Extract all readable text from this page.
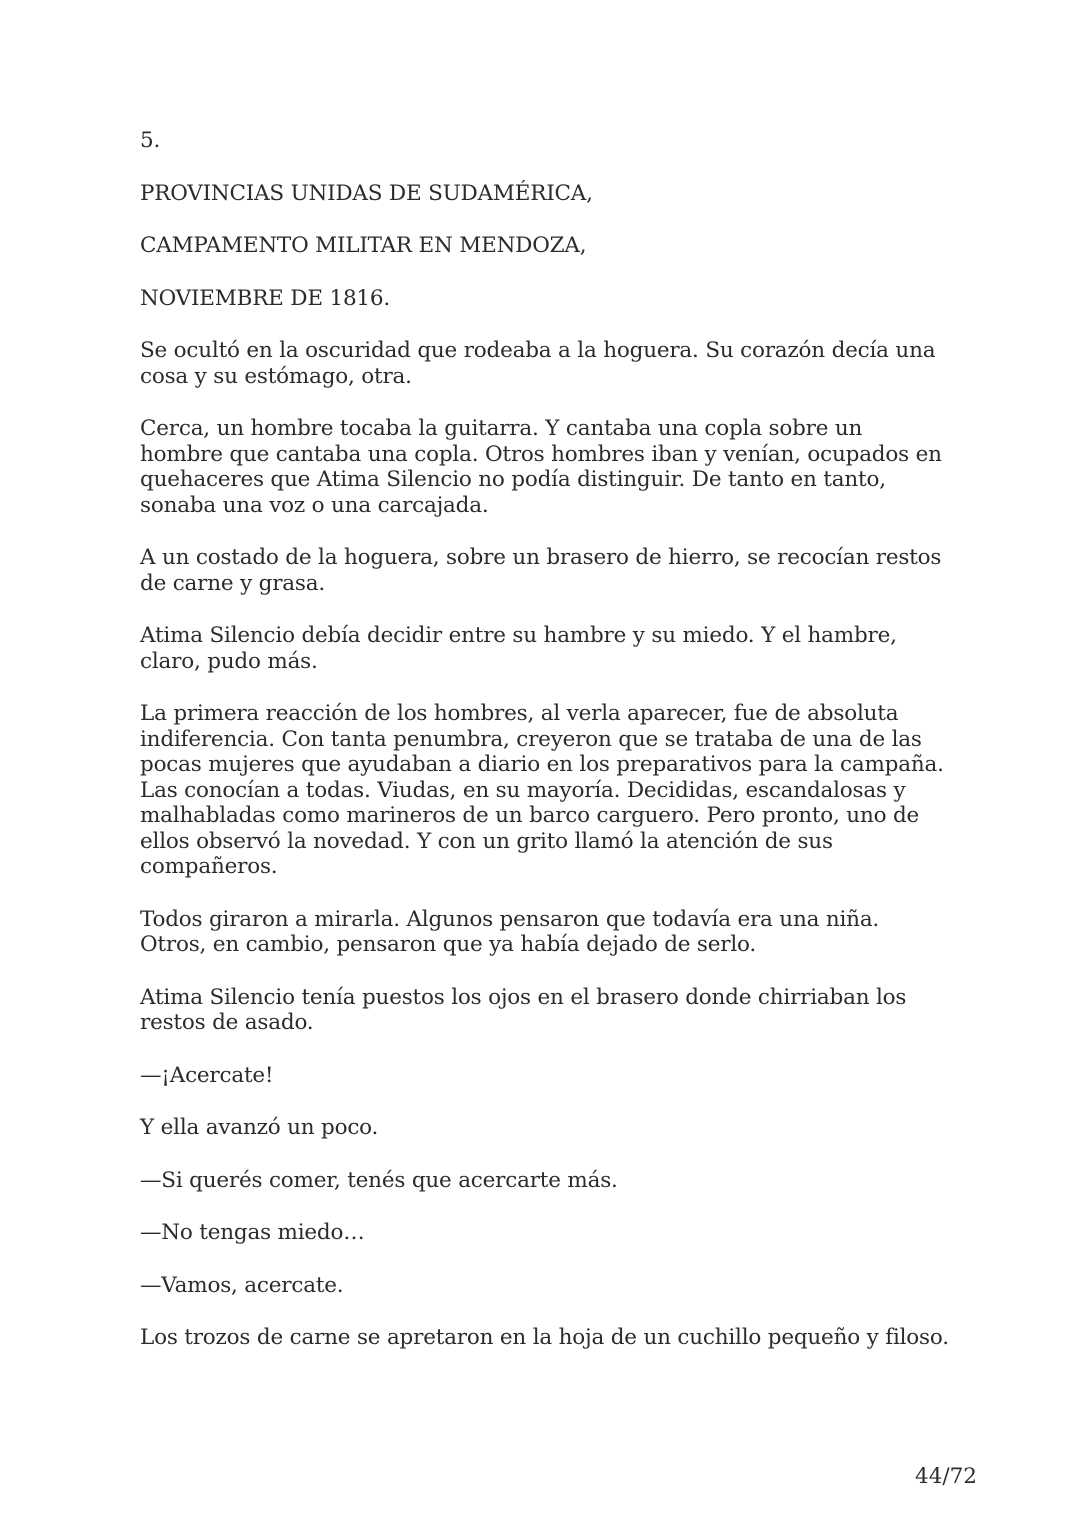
5.

PROVINCIAS UNIDAS DE SUDAMÉRICA,

CAMPAMENTO MILITAR EN MENDOZA,

NOVIEMBRE DE 1816.

Se ocultó en la oscuridad que rodeaba a la hoguera. Su corazón decía una cosa y su estómago, otra.

Cerca, un hombre tocaba la guitarra. Y cantaba una copla sobre un hombre que cantaba una copla. Otros hombres iban y venían, ocupados en quehaceres que Atima Silencio no podía distinguir. De tanto en tanto, sonaba una voz o una carcajada.

A un costado de la hoguera, sobre un brasero de hierro, se recocían restos de carne y grasa.

Atima Silencio debía decidir entre su hambre y su miedo. Y el hambre, claro, pudo más.

La primera reacción de los hombres, al verla aparecer, fue de absoluta indiferencia. Con tanta penumbra, creyeron que se trataba de una de las pocas mujeres que ayudaban a diario en los preparativos para la campaña. Las conocían a todas. Viudas, en su mayoría. Decididas, escandalosas y malhabladas como marineros de un barco carguero. Pero pronto, uno de ellos observó la novedad. Y con un grito llamó la atención de sus compañeros.

Todos giraron a mirarla. Algunos pensaron que todavía era una niña. Otros, en cambio, pensaron que ya había dejado de serlo.

Atima Silencio tenía puestos los ojos en el brasero donde chirriaban los restos de asado.

—¡Acercate!

Y ella avanzó un poco.

—Si querés comer, tenés que acercarte más.

—No tengas miedo…

—Vamos, acercate.

Los trozos de carne se apretaron en la hoja de un cuchillo pequeño y filoso.

44/72
